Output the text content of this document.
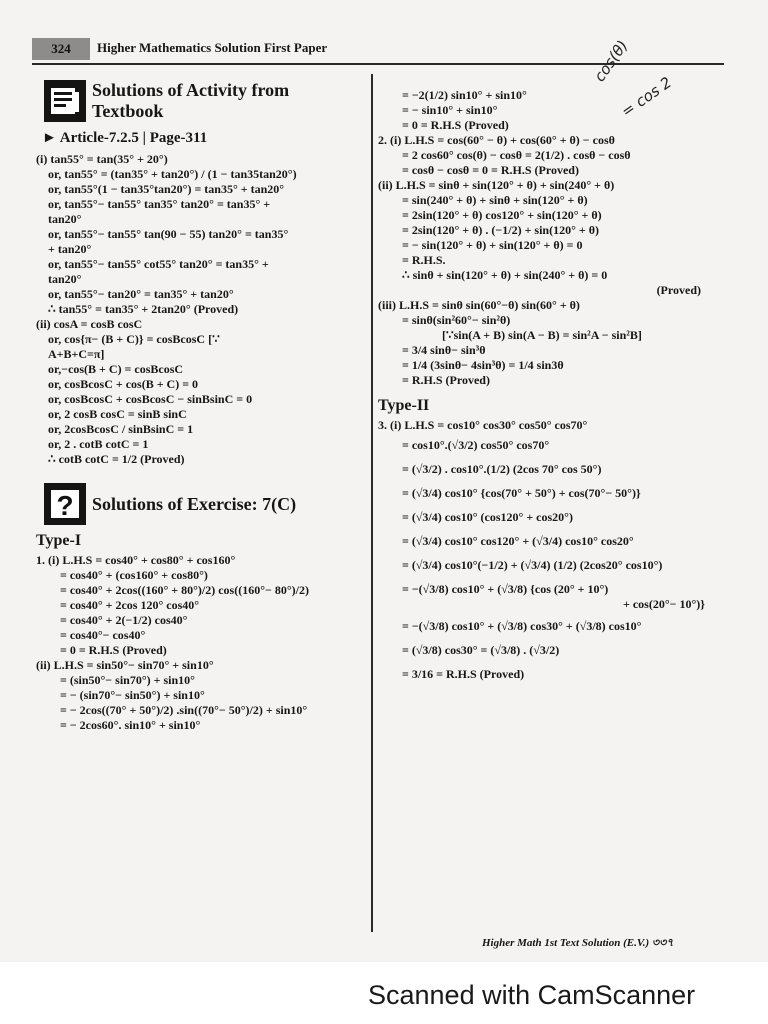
324	Higher Mathematics Solution First Paper
Solutions of Activity from
Textbook
► Article-7.2.5 | Page-311
(i) tan55° = tan(35° + 20°)
or, tan55° = (tan35° + tan20°) / (1 − tan35tan20°)
or, tan55°(1 − tan35°tan20°) = tan35° + tan20°
or, tan55°− tan55° tan35° tan20° = tan35° +
tan20°
or, tan55°− tan55° tan(90 − 55) tan20° = tan35°
+ tan20°
or, tan55°− tan55° cot55° tan20° = tan35° +
tan20°
or, tan55°− tan20° = tan35° + tan20°
∴ tan55° = tan35° + 2tan20° (Proved)
(ii) cosA = cosB cosC
or, cos{π− (B + C)} = cosBcosC [∵
A+B+C=π]
or,−cos(B + C) = cosBcosC
or, cosBcosC + cos(B + C) = 0
or, cosBcosC + cosBcosC − sinBsinC = 0
or, 2 cosB cosC = sinB sinC
or, 2cosBcosC / sinBsinC = 1
or, 2 . cotB cotC = 1
∴ cotB cotC = 1/2 (Proved)
? Solutions of Exercise: 7(C)
Type-I
1. (i) L.H.S = cos40° + cos80° + cos160°
= cos40° + (cos160° + cos80°)
= cos40° + 2cos((160° + 80°)/2) cos((160°− 80°)/2)
= cos40° + 2cos 120° cos40°
= cos40° + 2(−1/2) cos40°
= cos40°− cos40°
= 0 = R.H.S (Proved)
(ii) L.H.S = sin50°− sin70° + sin10°
= (sin50°− sin70°) + sin10°
= − (sin70°− sin50°) + sin10°
= − 2cos((70° + 50°)/2) .sin((70°− 50°)/2) + sin10°
= − 2cos60°. sin10° + sin10°
= −2(1/2) sin10° + sin10°
= − sin10° + sin10°
= 0 = R.H.S (Proved)
2. (i) L.H.S = cos(60° − θ) + cos(60° + θ) − cosθ
= 2 cos60° cos(θ) − cosθ = 2(1/2) . cosθ − cosθ
= cosθ − cosθ = 0 = R.H.S (Proved)
(ii) L.H.S = sinθ + sin(120° + θ) + sin(240° + θ)
= sin(240° + θ) + sinθ + sin(120° + θ)
= 2sin(120° + θ) cos120° + sin(120° + θ)
= 2sin(120° + θ) . (−1/2) + sin(120° + θ)
= − sin(120° + θ) + sin(120° + θ) = 0
= R.H.S.
∴ sinθ + sin(120° + θ) + sin(240° + θ) = 0
(Proved)
(iii) L.H.S = sinθ sin(60°−θ) sin(60° + θ)
= sinθ(sin²60°− sin²θ)
[∵sin(A + B) sin(A − B) = sin²A − sin²B]
= 3/4 sinθ− sin³θ
= 1/4 (3sinθ− 4sin³θ) = 1/4 sin3θ
= R.H.S (Proved)
Type-II
3. (i) L.H.S = cos10° cos30° cos50° cos70°
= cos10°.(√3/2) cos50° cos70°
= (√3/2) . cos10°.(1/2) (2cos 70° cos 50°)
= (√3/4) cos10° {cos(70° + 50°) + cos(70°− 50°)}
= (√3/4) cos10° (cos120° + cos20°)
= (√3/4) cos10° cos120° + (√3/4) cos10° cos20°
= (√3/4) cos10°(−1/2) + (√3/4) (1/2) (2cos20° cos10°)
= −(√3/8) cos10° + (√3/8) {cos (20° + 10°)
+ cos(20°− 10°)}
= −(√3/8) cos10° + (√3/8) cos30° + (√3/8) cos10°
= (√3/8) cos30° = (√3/8) . (√3/2)
= 3/16 = R.H.S (Proved)
cos(θ)
= cos 2
Higher Math 1st Text Solution (E.V.) ৩৩৭
Scanned with CamScanner
